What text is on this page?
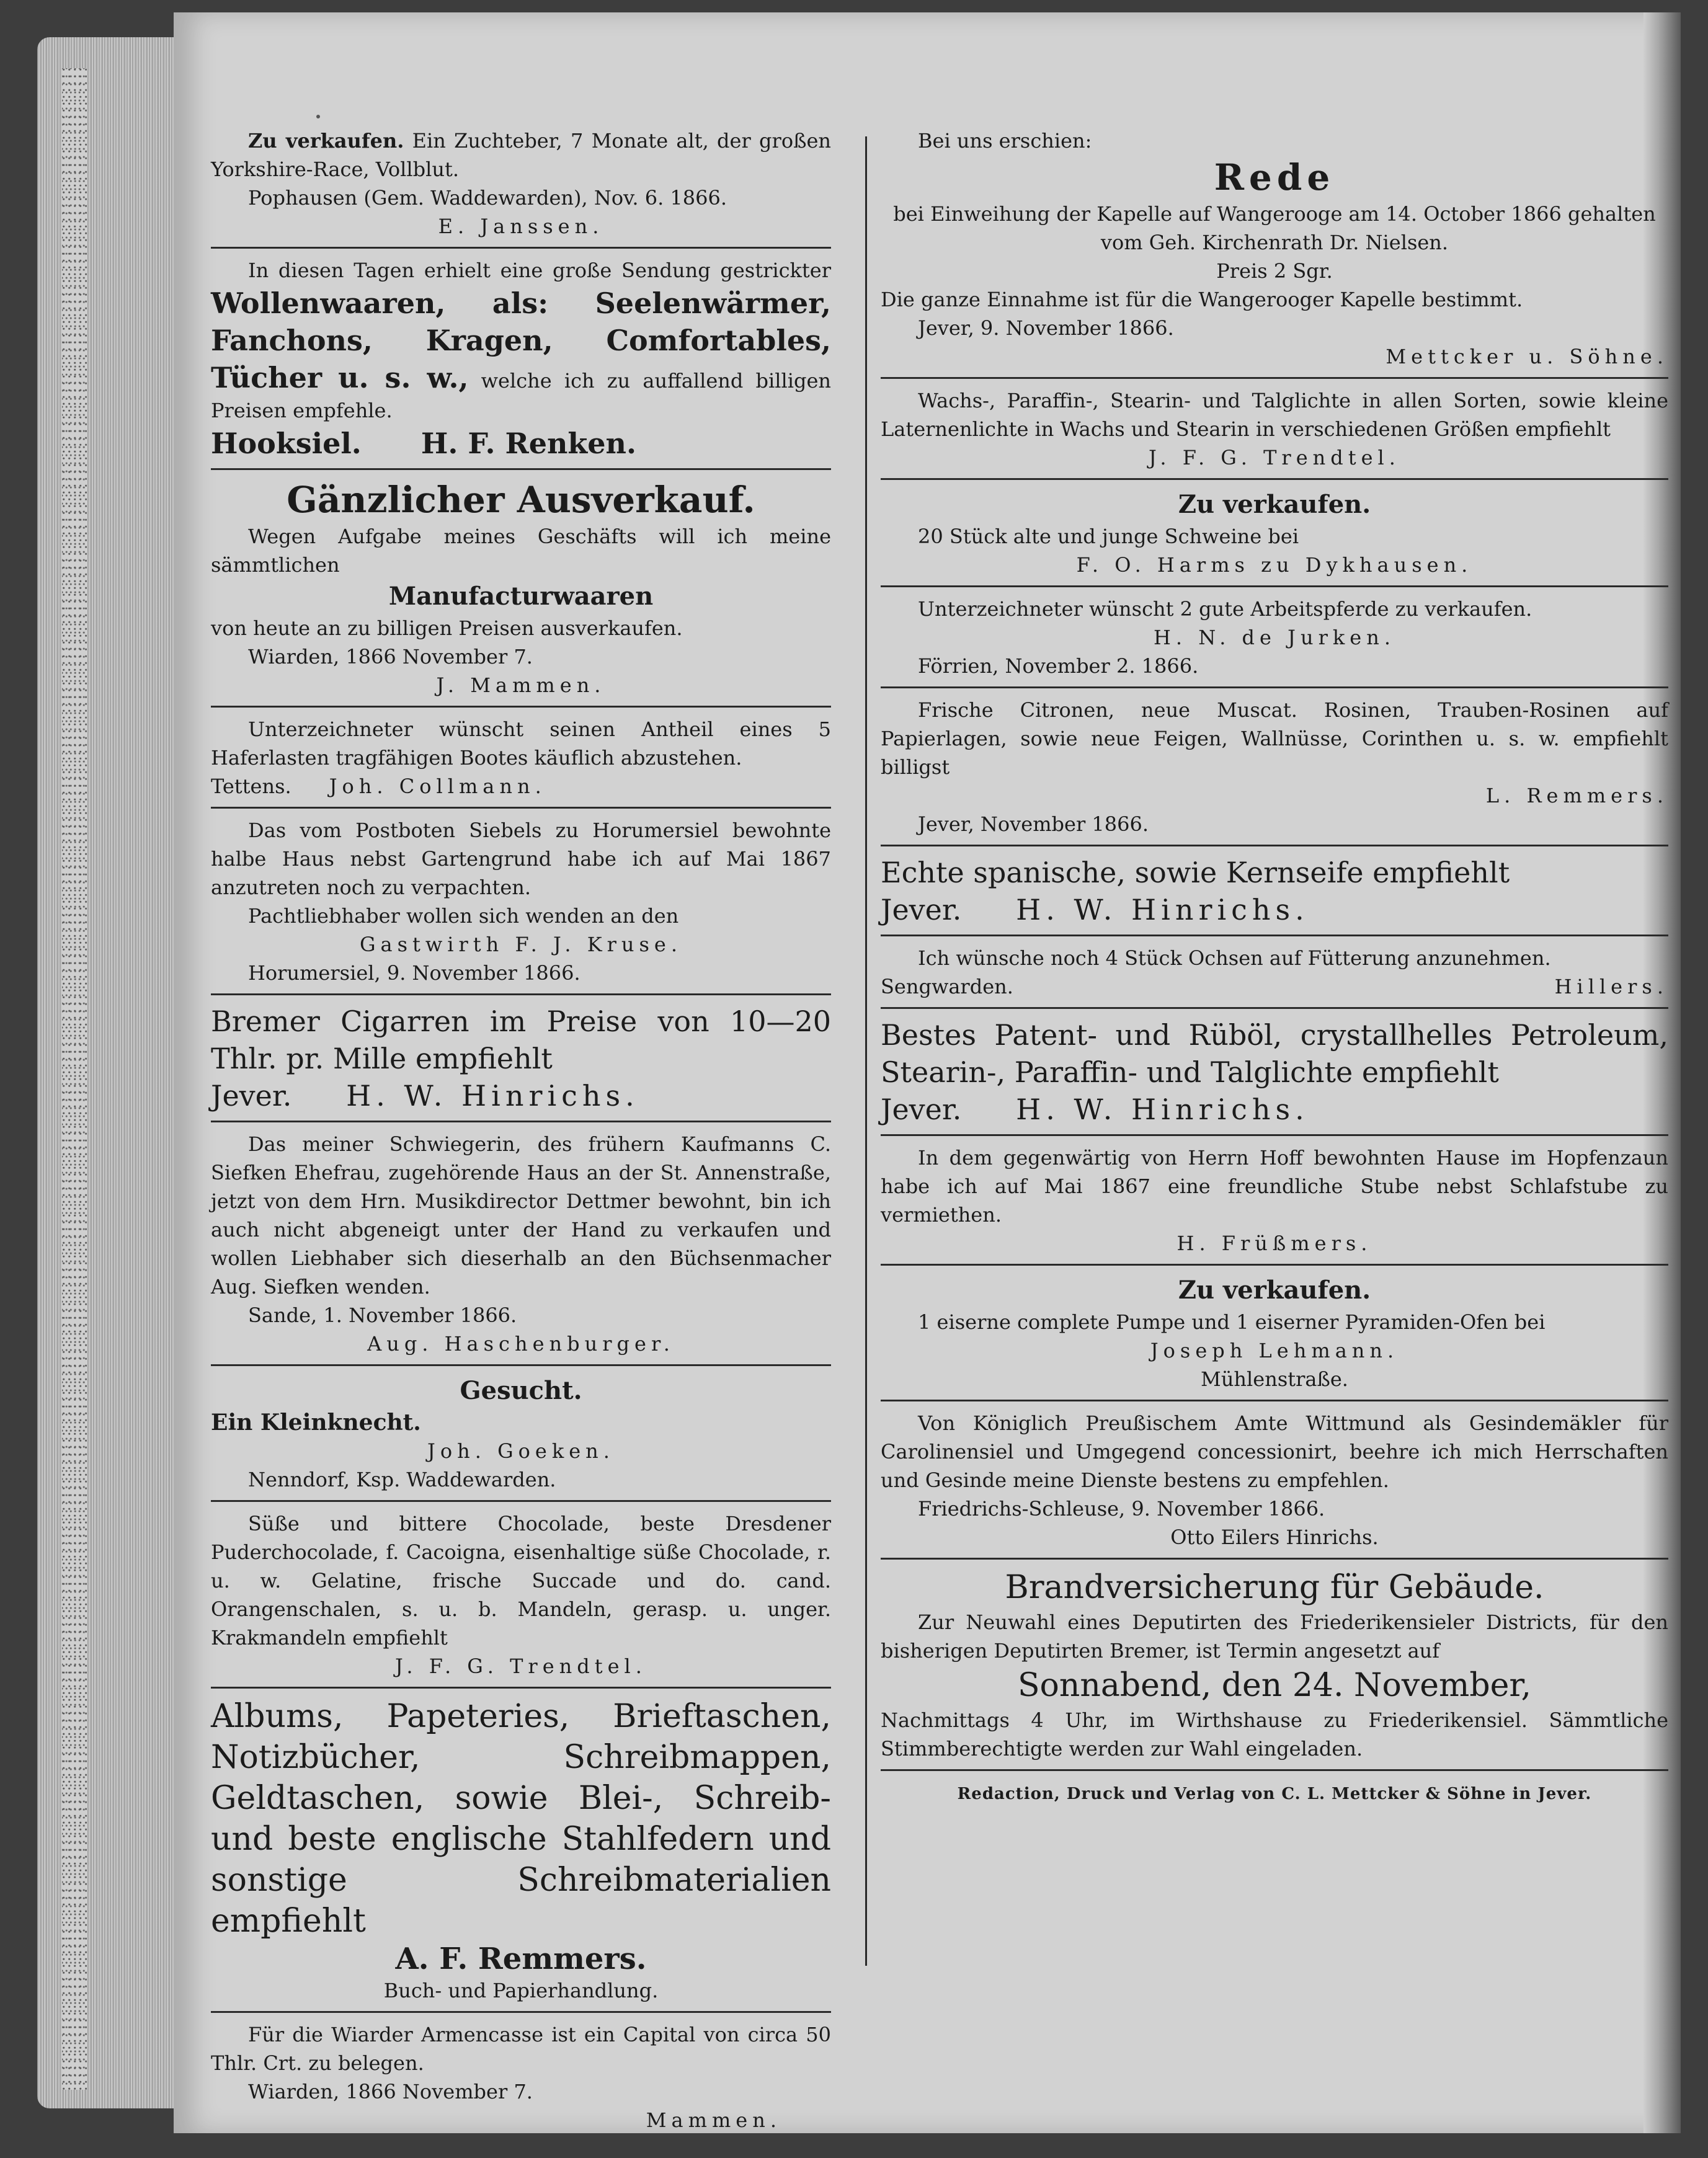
Zu verkaufen. Ein Zuchteber, 7 Monate alt, der großen Yorkshire-Race, Vollblut.

Pophausen (Gem. Waddewarden), Nov. 6. 1866.

E. Janssen.

In diesen Tagen erhielt eine große Sendung gestrickter Wollenwaaren, als: Seelenwärmer, Fanchons, Kragen, Comfortables, Tücher u. s. w., welche ich zu auffallend billigen Preisen empfehle.

Hooksiel. H. F. Renken.

Gänzlicher Ausverkauf.

Wegen Aufgabe meines Geschäfts will ich meine sämmtlichen

Manufacturwaaren

von heute an zu billigen Preisen ausverkaufen.

Wiarden, 1866 November 7.

J. Mammen.

Unterzeichneter wünscht seinen Antheil eines 5 Haferlasten tragfähigen Bootes käuflich abzustehen.

Tettens. Joh. Collmann.

Das vom Postboten Siebels zu Horumersiel bewohnte halbe Haus nebst Gartengrund habe ich auf Mai 1867 anzutreten noch zu verpachten.

Pachtliebhaber wollen sich wenden an den

Gastwirth F. J. Kruse.

Horumersiel, 9. November 1866.

Bremer Cigarren im Preise von 10—20 Thlr. pr. Mille empfiehlt

Jever. H. W. Hinrichs.

Das meiner Schwiegerin, des frühern Kaufmanns C. Siefken Ehefrau, zugehörende Haus an der St. Annenstraße, jetzt von dem Hrn. Musikdirector Dettmer bewohnt, bin ich auch nicht abgeneigt unter der Hand zu verkaufen und wollen Liebhaber sich dieserhalb an den Büchsenmacher Aug. Siefken wenden.

Sande, 1. November 1866.

Aug. Haschenburger.

Gesucht.

Ein Kleinknecht.

Joh. Goeken.

Nenndorf, Ksp. Waddewarden.

Süße und bittere Chocolade, beste Dresdener Puderchocolade, f. Cacoigna, eisenhaltige süße Chocolade, r. u. w. Gelatine, frische Succade und do. cand. Orangenschalen, s. u. b. Mandeln, gerasp. u. unger. Krakmandeln empfiehlt

J. F. G. Trendtel.

Albums, Papeteries, Brieftaschen, Notizbücher, Schreibmappen, Geldtaschen, sowie Blei-, Schreib- und beste englische Stahlfedern und sonstige Schreibmaterialien empfiehlt

A. F. Remmers.

Buch- und Papierhandlung.

Für die Wiarder Armencasse ist ein Capital von circa 50 Thlr. Crt. zu belegen.

Wiarden, 1866 November 7.

Mammen.

Bei uns erschien:

Rede

bei Einweihung der Kapelle auf Wangerooge am 14. October 1866 gehalten vom Geh. Kirchenrath Dr. Nielsen.

Preis 2 Sgr.

Die ganze Einnahme ist für die Wangerooger Kapelle bestimmt.

Jever, 9. November 1866.

Mettcker u. Söhne.

Wachs-, Paraffin-, Stearin- und Talglichte in allen Sorten, sowie kleine Laternenlichte in Wachs und Stearin in verschiedenen Größen empfiehlt

J. F. G. Trendtel.

Zu verkaufen.

20 Stück alte und junge Schweine bei

F. O. Harms zu Dykhausen.

Unterzeichneter wünscht 2 gute Arbeitspferde zu verkaufen.

H. N. de Jurken.

Förrien, November 2. 1866.

Frische Citronen, neue Muscat. Rosinen, Trauben-Rosinen auf Papierlagen, sowie neue Feigen, Wallnüsse, Corinthen u. s. w. empfiehlt billigst

L. Remmers.

Jever, November 1866.

Echte spanische, sowie Kernseife empfiehlt

Jever. H. W. Hinrichs.

Ich wünsche noch 4 Stück Ochsen auf Fütterung anzunehmen.

Sengwarden.	Hillers.

Bestes Patent- und Rüböl, crystallhelles Petroleum, Stearin-, Paraffin- und Talglichte empfiehlt

Jever. H. W. Hinrichs.

In dem gegenwärtig von Herrn Hoff bewohnten Hause im Hopfenzaun habe ich auf Mai 1867 eine freundliche Stube nebst Schlafstube zu vermiethen.

H. Früßmers.

Zu verkaufen.

1 eiserne complete Pumpe und 1 eiserner Pyramiden-Ofen bei

Joseph Lehmann.

Mühlenstraße.

Von Königlich Preußischem Amte Wittmund als Gesindemäkler für Carolinensiel und Umgegend concessionirt, beehre ich mich Herrschaften und Gesinde meine Dienste bestens zu empfehlen.

Friedrichs-Schleuse, 9. November 1866.

Otto Eilers Hinrichs.

Brandversicherung für Gebäude.

Zur Neuwahl eines Deputirten des Friederikensieler Districts, für den bisherigen Deputirten Bremer, ist Termin angesetzt auf

Sonnabend, den 24. November,

Nachmittags 4 Uhr, im Wirthshause zu Friederikensiel. Sämmtliche Stimmberechtigte werden zur Wahl eingeladen.

Redaction, Druck und Verlag von C. L. Mettcker & Söhne in Jever.
